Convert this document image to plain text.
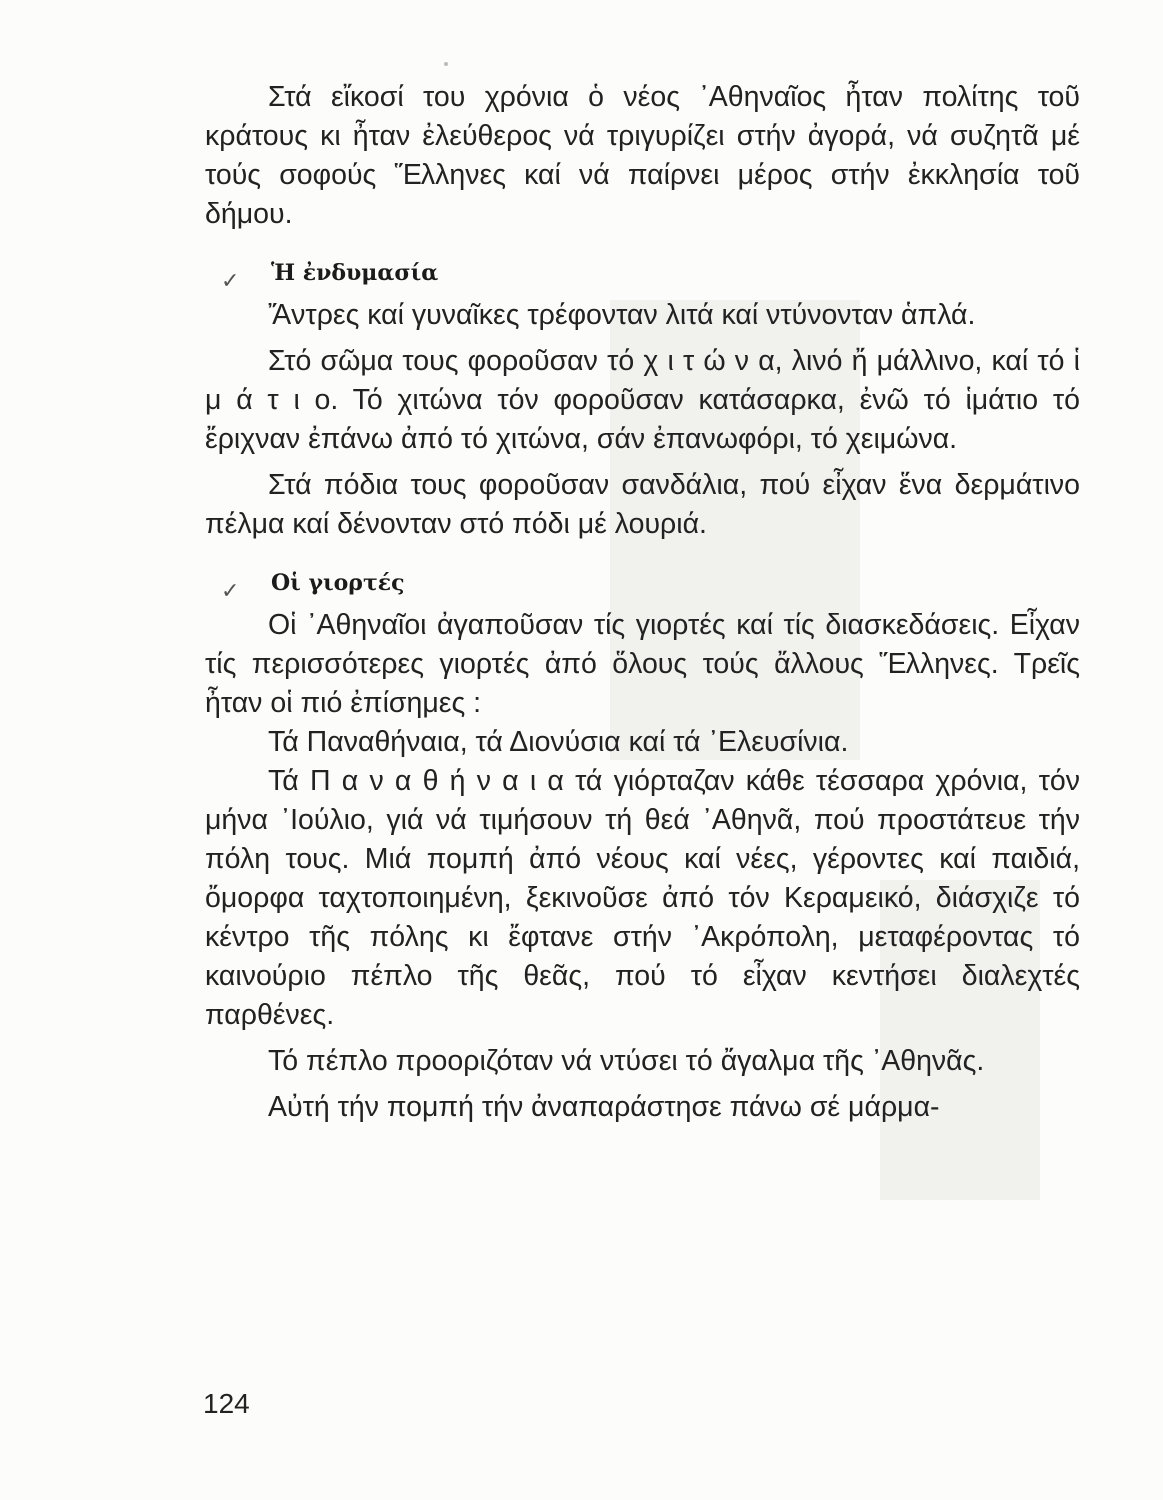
Στά εἴκοσί του χρόνια ὁ νέος ᾿Αθηναῖος ἦταν πολίτης τοῦ κράτους κι ἦταν ἐλεύθερος νά τριγυρίζει στήν ἀγορά, νά συζητᾶ μέ τούς σοφούς Ἕλληνες καί νά παίρνει μέρος στήν ἐκκλησία τοῦ δήμου.

✓ Ἡ ἐνδυμασία

Ἄντρες καί γυναῖκες τρέφονταν λιτά καί ντύνονταν ἁπλά.

Στό σῶμα τους φοροῦσαν τό χ ι τ ώ ν α, λινό ἤ μάλλινο, καί τό ἱ μ ά τ ι ο. Τό χιτώνα τόν φοροῦσαν κατάσαρκα, ἐνῶ τό ἱμάτιο τό ἔριχναν ἐπάνω ἀπό τό χιτώνα, σάν ἐπανωφόρι, τό χειμώνα.

Στά πόδια τους φοροῦσαν σανδάλια, πού εἶχαν ἕνα δερμάτινο πέλμα καί δένονταν στό πόδι μέ λουριά.

✓ Οἱ γιορτές

Οἱ ᾿Αθηναῖοι ἀγαποῦσαν τίς γιορτές καί τίς διασκεδάσεις. Εἶχαν τίς περισσότερες γιορτές ἀπό ὅλους τούς ἄλλους Ἕλληνες. Τρεῖς ἦταν οἱ πιό ἐπίσημες :

Τά Παναθήναια, τά Διονύσια καί τά ᾿Ελευσίνια.

Τά Π α ν α θ ή ν α ι α τά γιόρταζαν κάθε τέσσαρα χρόνια, τόν μήνα ᾿Ιούλιο, γιά νά τιμήσουν τή θεά ᾿Αθηνᾶ, πού προστάτευε τήν πόλη τους. Μιά πομπή ἀπό νέους καί νέες, γέροντες καί παιδιά, ὄμορφα ταχτοποιημένη, ξεκινοῦσε ἀπό τόν Κεραμεικό, διάσχιζε τό κέντρο τῆς πόλης κι ἔφτανε στήν ᾿Ακρόπολη, μεταφέροντας τό καινούριο πέπλο τῆς θεᾶς, πού τό εἶχαν κεντήσει διαλεχτές παρθένες.

Τό πέπλο προοριζόταν νά ντύσει τό ἄγαλμα τῆς ᾿Αθηνᾶς.

Αὐτή τήν πομπή τήν ἀναπαράστησε πάνω σέ μάρμα-

124
